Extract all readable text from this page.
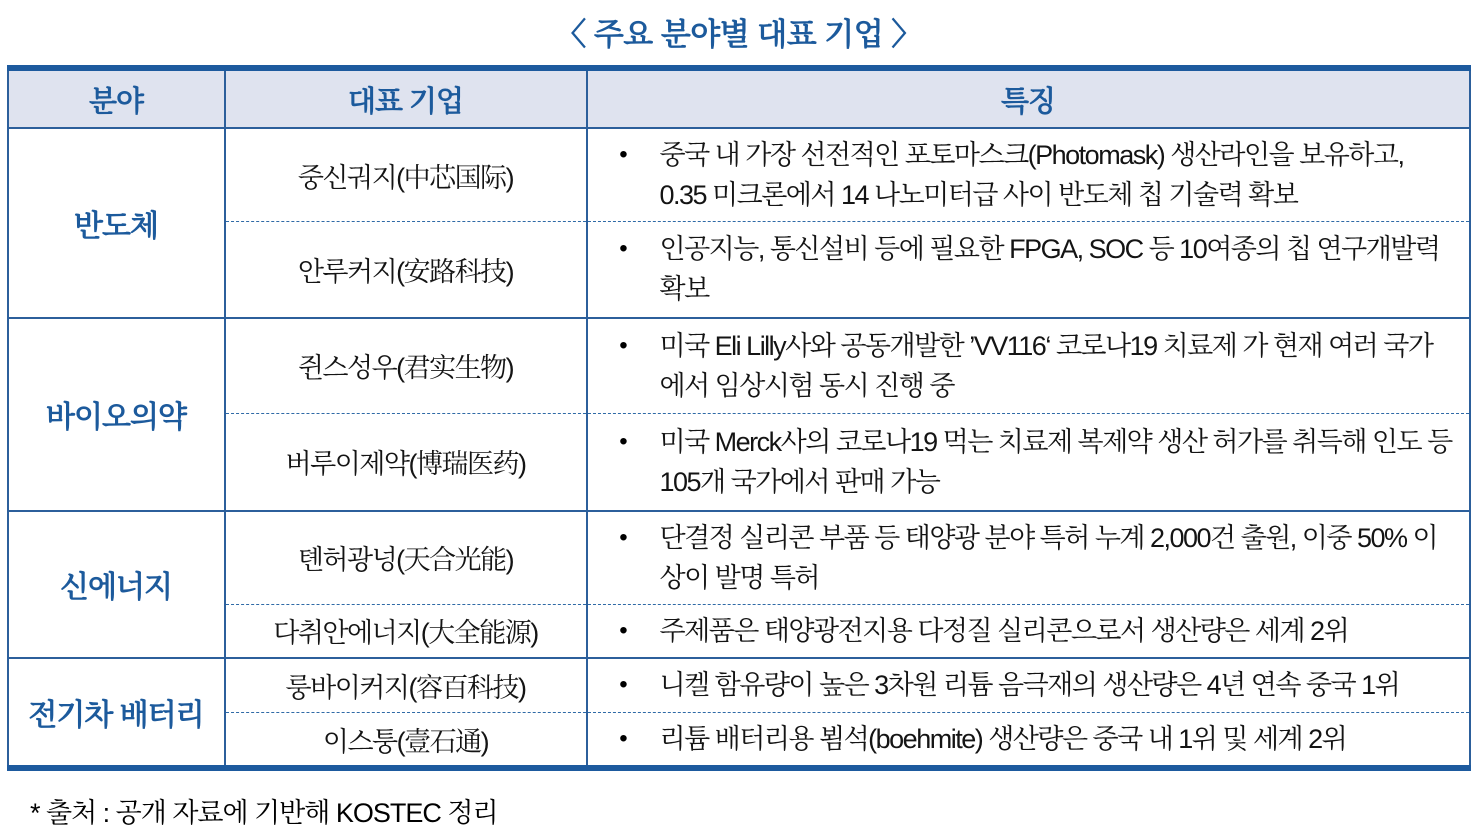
〈 주요 분야별 대표 기업 〉
분야	대표 기업	특징
반도체	중신궈지(中芯国际)	• 중국 내 가장 선전적인 포토마스크(Photomask) 생산라인을 보유하고, 0.35 미크론에서 14 나노미터급 사이 반도체 칩 기술력 확보

	안루커지(安路科技)	• 인공지능, 통신설비 등에 필요한 FPGA, SOC 등 10여종의 칩 연구개발력 확보

바이오의약	쥔스성우(君实生物)	• 미국 Eli Lilly사와 공동개발한 ’VV116‘ 코로나19 치료제 가 현재 여러 국가에서 임상시험 동시 진행 중

	버루이제약(博瑞医药)	• 미국 Merck사의 코로나19 먹는 치료제 복제약 생산 허가를 취득해 인도 등 105개 국가에서 판매 가능

신에너지	톈허광넝(天合光能)	• 단결정 실리콘 부품 등 태양광 분야 특허 누계 2,000건 출원, 이중 50% 이상이 발명 특허

	다취안에너지(大全能源)	• 주제품은 태양광전지용 다정질 실리콘으로서 생산량은 세계 2위

전기차 배터리	룽바이커지(容百科技)	• 니켈 함유량이 높은 3차원 리튬 음극재의 생산량은 4년 연속 중국 1위

	이스퉁(壹石通)	• 리튬 배터리용 뵘석(boehmite) 생산량은 중국 내 1위 및 세계 2위
* 출처 : 공개 자료에 기반해 KOSTEC 정리
